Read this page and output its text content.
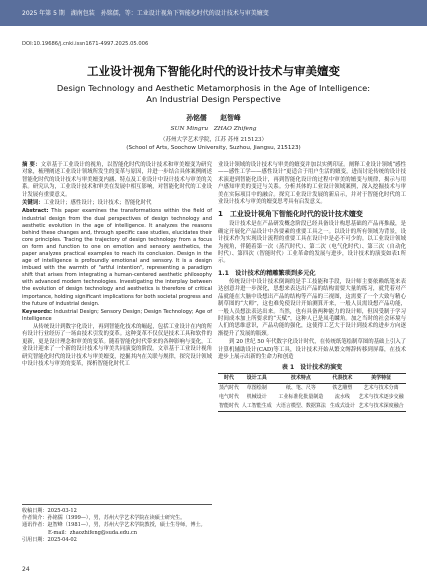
2025 年第 5 期　湖南包装　孙铭儒，等：工业设计视角下智能化时代的设计技术与审美嬗变
DOI:10.19686/j.cnki.issn1671-4997.2025.05.006
工业设计视角下智能化时代的设计技术与审美嬗变
Design Technology and Aesthetic Metamorphosis in the Age of Intelligence:
An Industrial Design Perspective
孙铭儒　　赵智峰
SUN Mingru　ZHAO Zhifeng
（苏州大学艺术学院，江苏 苏州 215123）
(School of Arts, Soochow University, Suzhou, Jiangsu, 215123)

摘 要：文章基于工业设计的视角，以智能化时代的设计技术和审美嬗变为研究对象，梳理阐述工业设计领域所发生的变革与原因，并进一步结合具体案例阐述智能化时代的设计技术与审美嬗变内涵、特点及工业设计中设计技术与审美的关系。研究认为，工业设计技术和审美在发展中相互影响，对智能化时代的工业设计发展有重要意义。

关键词：工业设计；感性设计；设计技术；智能化时代

Abstract: This paper examines the transformations within the field of industrial design from the dual perspectives of design technology and aesthetic evolution in the age of intelligence. It analyzes the reasons behind these changes and, through specific case studies, elucidates their core principles. Tracing the trajectory of design technology from a focus on form and function to one on emotion and sensory aesthetics, the paper analyzes practical examples to reach its conclusion. Design in the age of intelligence is profoundly emotional and sensory. It is a design imbued with the warmth of "artful intention", representing a paradigm shift that arises from integrating a human-centered aesthetic philosophy with advanced modern technologies. Investigating the interplay between the evolution of design technology and aesthetics is therefore of critical importance, holding significant implications for both societal progress and the future of industrial design.

Keywords: Industrial Design; Sensory Design; Design Technology; Age of Intelligence

从传统设计到数字化设计，再到智能化技术的崛起，包括工业设计在内的所有设计行业经历了一场由技术引发的变革。这种变革不仅仅是技术工具和软件的更新，更是设计理念和审美的变革。随着智能化时代带来的各种影响与变化，工业设计迎来了一个新的设计技术与审美共同演变的阶段。文章基于工业设计视角研究智能化时代的设计技术与审美嬗变，挖掘其内在关联与规律，探究设计领域中设计技术与审美的变革，探析智能化时代工

收稿日期：2025-03-12
作者简介：孙铭儒（1999—），男，苏州大学艺术学院在读硕士研究生。
通讯作者：赵智峰（1981—），男，苏州大学艺术学院教授，硕士生导师，博士。
E-mail：zhaozhifeng@suda.edu.cn
引用日期：2025-04-02
24

业设计领域的设计技术与审美的嬗变并加以实例印证。阐释工业设计领域“感性——感性工学——感性设计”更适合于用户生活的嬗变，进而讨论传统的设计技术演进到智能化设计，再到智能化设计的过程中审美的嬗变与规律，揭示与用户感知审美的变迁与关系。分析其体的工业设计领域案例，深入挖掘技术与审美在实际项目中的融合。探究工业设计发展的新启示，并对于智能化时代的工业设计技术与审美的嬗变思考具有启发意义。

1　工业设计视角下智能化时代的设计技术嬗变

设计技术是在产品研发概念阶段已经具备设计构思基础的产品再推敲，是确定开展化产品设计中各要素的重要工具之一。以设计的所有领域为背景，设计技术作为实现设计流程的重要工具在设计中是必不可少的。以工业设计领域为视角，伴随着第一次（蒸汽时代）、第二次（电气化时代）、第三次（自动化时代）、第四次（智能时代）工业革命的发展与进步，设计技术的演变如表1所示。

1.1　设计技术的精雕繁琐到多元化

传统设计中设计技术倒调的是手工技能和手段，设计师主要依赖纸笔来表达创意并进一步深化，思想来表达出产品的结构需要大量的练习，就凭着对产品就能在大脑中设想出产品的结构等产品的三视图，这需要了一个大致与精心制草图的“大师”，这也难免使设计开始测算开来，一般人员需设想产品功能，一般人员想法表达出来。当然，也有具备两种能力的设计师，但因受制于学习时间成本加上所要求的“天赋”，这种人已是凤毛麟角。加之当时的社会环境与人们的思维意识，产品功能的强化，这使得工艺大于设计到技术的进步方向逐渐提升了发展的瓶颈。

到 20 世纪 50 年代数字化设计时代，在传统纸笔绘制草图的基础上引入了计算机辅助设计(CAD)等工具，设计技术开始从繁文缛辞转移到屏幕，在技术进步上展示出新的生命力和创造

表 1　设计技术的演变
时代	设计工具	技术特点	代表技术	美学特征
蒸汽时代	草图绘制	纸、笔、尺等	铁艺雕塑	艺术与技术分离
电气时代	机械设计	工业标准化批量制造	流水线	艺术与技术逐步交融
智能时代	人工智能生成	大语言模型、数据算法	生成式设计	艺术与技术深度融合
